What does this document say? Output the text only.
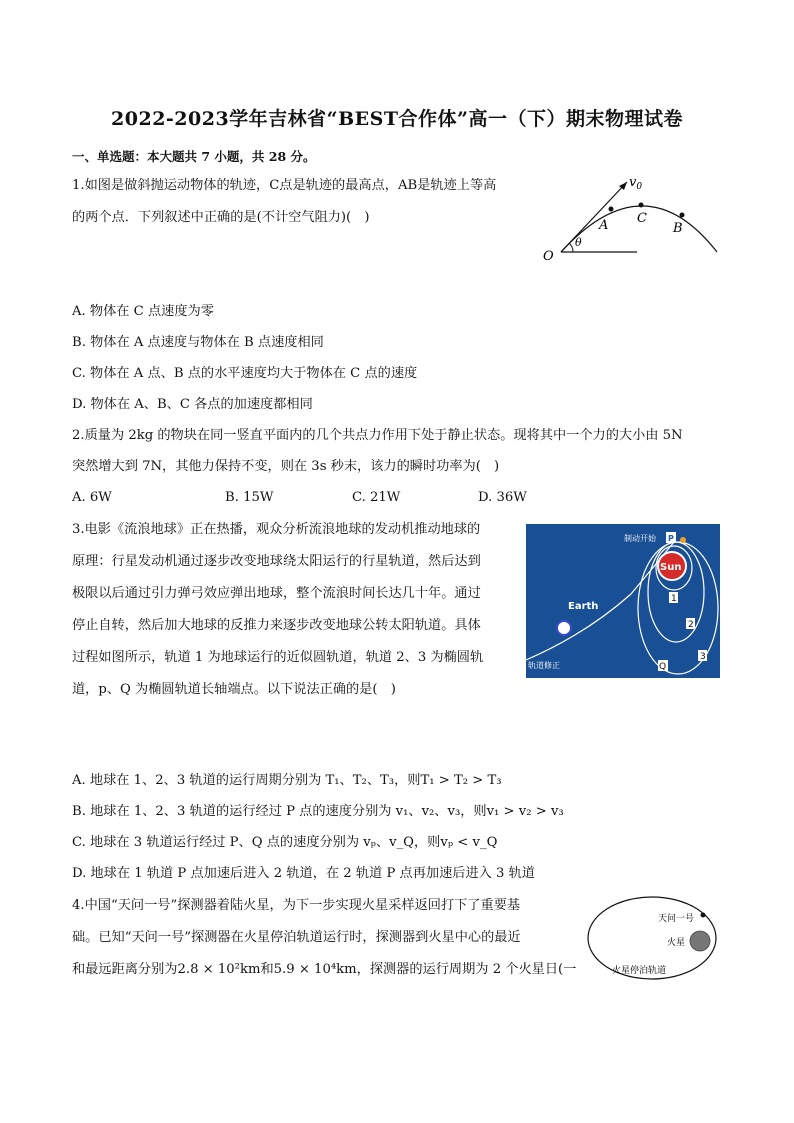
2022-2023学年吉林省“BEST合作体”高一（下）期末物理试卷
一、单选题：本大题共 7 小题，共 28 分。
1.如图是做斜抛运动物体的轨迹，C点是轨迹的最高点，AB是轨迹上等高
的两个点．下列叙述中正确的是(不计空气阻力)(　)
$v_0$
A C
B
O
θ
A. 物体在 C 点速度为零
B. 物体在 A 点速度与物体在 B 点速度相同
C. 物体在 A 点、B 点的水平速度均大于物体在 C 点的速度
D. 物体在 A、B、C 各点的加速度都相同
2.质量为 2kg 的物块在同一竖直平面内的几个共点力作用下处于静止状态。现将其中一个力的大小由 5N
突然增大到 7N，其他力保持不变，则在 3s 秒末，该力的瞬时功率为(　)
A. 6W	B. 15W	C. 21W	D. 36W
3.电影《流浪地球》正在热播，观众分析流浪地球的发动机推动地球的
原理：行星发动机通过逐步改变地球绕太阳运行的行星轨道，然后达到
极限以后通过引力弹弓效应弹出地球，整个流浪时间长达几十年。通过
停止自转，然后加大地球的反推力来逐步改变地球公转太阳轨道。具体
过程如图所示，轨道 1 为地球运行的近似圆轨道，轨道 2、3 为椭圆轨
道，p、Q 为椭圆轨道长轴端点。以下说法正确的是(　)
制动开始 P
Sun
Earth
1
2
3
Q
轨道修正
A. 地球在 1、2、3 轨道的运行周期分别为 T₁、T₂、T₃，则T₁ > T₂ > T₃
B. 地球在 1、2、3 轨道的运行经过 P 点的速度分别为 v₁、v₂、v₃，则v₁ > v₂ > v₃
C. 地球在 3 轨道运行经过 P、Q 点的速度分别为 vₚ、v_Q，则vₚ < v_Q
D. 地球在 1 轨道 P 点加速后进入 2 轨道，在 2 轨道 P 点再加速后进入 3 轨道
4.中国“天问一号”探测器着陆火星，为下一步实现火星采样返回打下了重要基
础。已知“天问一号”探测器在火星停泊轨道运行时，探测器到火星中心的最近
和最远距离分别为2.8 × 10²km和5.9 × 10⁴km，探测器的运行周期为 2 个火星日(一
天问一号
火星
火星停泊轨道
